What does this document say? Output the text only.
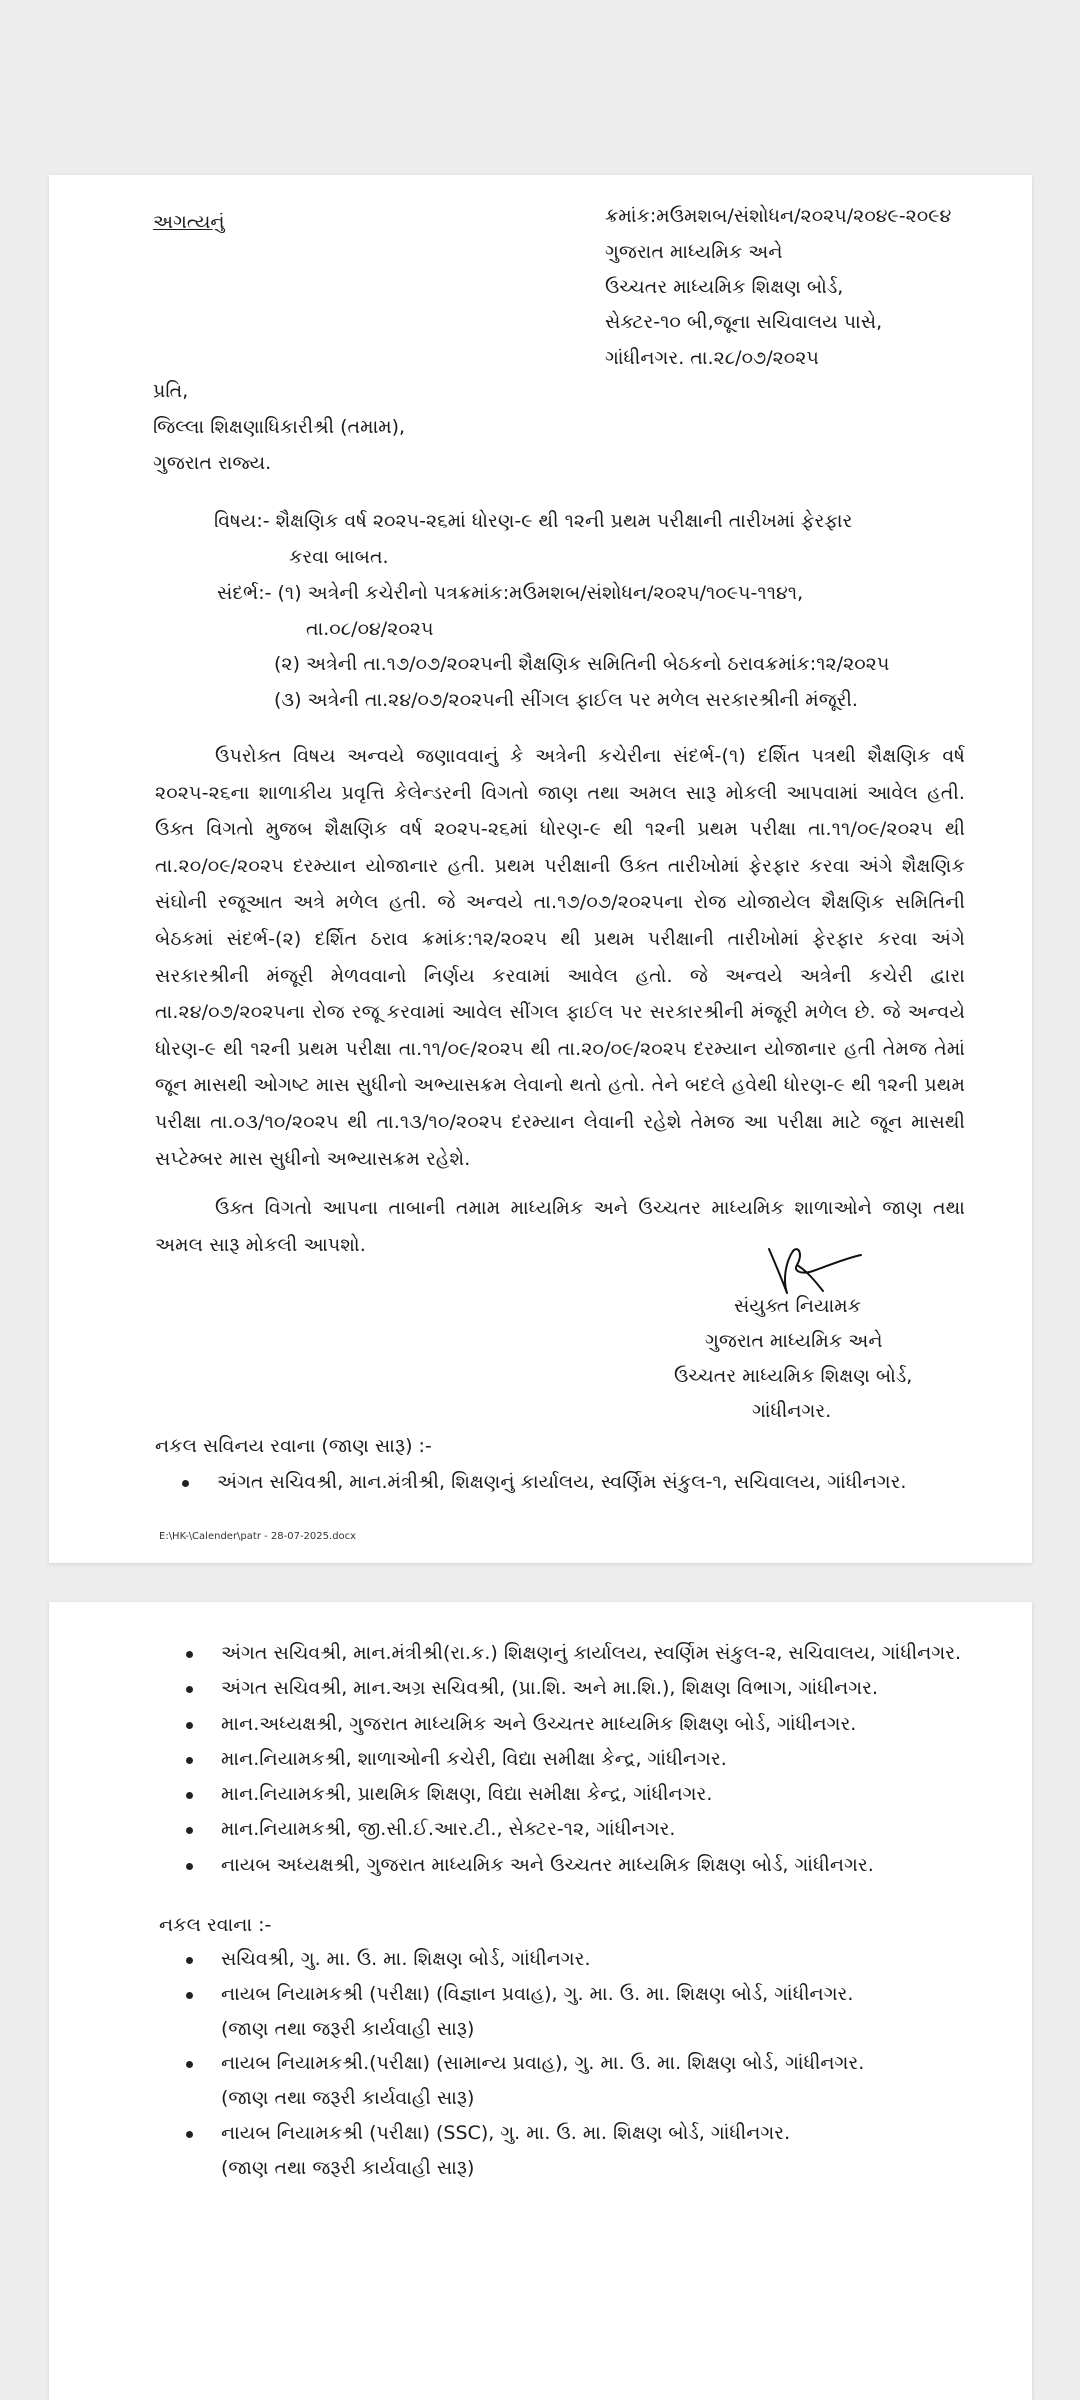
અગત્યનું	ક્રમાંક:મઉમશબ/સંશોધન/૨૦૨૫/૨૦૪૯-૨૦૯૪
ગુજરાત માધ્યમિક અને
ઉચ્ચતર માધ્યમિક શિક્ષણ બોર્ડ,
સેક્ટર-૧૦ બી,જૂના સચિવાલય પાસે,
ગાંધીનગર. તા.૨૮/૦૭/૨૦૨૫
પ્રતિ,
જિલ્લા શિક્ષણાધિકારીશ્રી (તમામ),
ગુજરાત રાજ્ય.
વિષય:- શૈક્ષણિક વર્ષ ૨૦૨૫-૨૬માં ધોરણ-૯ થી ૧૨ની પ્રથમ પરીક્ષાની તારીખમાં ફેરફાર
કરવા બાબત.
સંદર્ભ:- (૧) અત્રેની કચેરીનો પત્રક્રમાંક:મઉમશબ/સંશોધન/૨૦૨૫/૧૦૯૫-૧૧૪૧,
તા.૦૮/૦૪/૨૦૨૫
(૨) અત્રેની તા.૧૭/૦૭/૨૦૨૫ની શૈક્ષણિક સમિતિની બેઠકનો ઠરાવક્રમાંક:૧૨/૨૦૨૫
(૩) અત્રેની તા.૨૪/૦૭/૨૦૨૫ની સીંગલ ફાઈલ પર મળેલ સરકારશ્રીની મંજૂરી.
ઉપરોક્ત વિષય અન્વયે જણાવવાનું કે અત્રેની કચેરીના સંદર્ભ-(૧) દર્શિત પત્રથી શૈક્ષણિક વર્ષ ૨૦૨૫-૨૬ના શાળાકીય પ્રવૃત્તિ કેલેન્ડરની વિગતો જાણ તથા અમલ સારૂ મોકલી આપવામાં આવેલ હતી. ઉક્ત વિગતો મુજબ શૈક્ષણિક વર્ષ ૨૦૨૫-૨૬માં ધોરણ-૯ થી ૧૨ની પ્રથમ પરીક્ષા તા.૧૧/૦૯/૨૦૨૫ થી તા.૨૦/૦૯/૨૦૨૫ દરમ્યાન યોજાનાર હતી. પ્રથમ પરીક્ષાની ઉક્ત તારીખોમાં ફેરફાર કરવા અંગે શૈક્ષણિક સંઘોની રજૂઆત અત્રે મળેલ હતી. જે અન્વયે તા.૧૭/૦૭/૨૦૨૫ના રોજ યોજાયેલ શૈક્ષણિક સમિતિની બેઠકમાં સંદર્ભ-(૨) દર્શિત ઠરાવ ક્રમાંક:૧૨/૨૦૨૫ થી પ્રથમ પરીક્ષાની તારીખોમાં ફેરફાર કરવા અંગે સરકારશ્રીની મંજૂરી મેળવવાનો નિર્ણય કરવામાં આવેલ હતો. જે અન્વયે અત્રેની કચેરી દ્વારા તા.૨૪/૦૭/૨૦૨૫ના રોજ રજૂ કરવામાં આવેલ સીંગલ ફાઈલ પર સરકારશ્રીની મંજૂરી મળેલ છે. જે અન્વયે ધોરણ-૯ થી ૧૨ની પ્રથમ પરીક્ષા તા.૧૧/૦૯/૨૦૨૫ થી તા.૨૦/૦૯/૨૦૨૫ દરમ્યાન યોજાનાર હતી તેમજ તેમાં જૂન માસથી ઓગષ્ટ માસ સુધીનો અભ્યાસક્રમ લેવાનો થતો હતો. તેને બદલે હવેથી ધોરણ-૯ થી ૧૨ની પ્રથમ પરીક્ષા તા.૦૩/૧૦/૨૦૨૫ થી તા.૧૩/૧૦/૨૦૨૫ દરમ્યાન લેવાની રહેશે તેમજ આ પરીક્ષા માટે જૂન માસથી સપ્ટેમ્બર માસ સુધીનો અભ્યાસક્રમ રહેશે.
ઉક્ત વિગતો આપના તાબાની તમામ માધ્યમિક અને ઉચ્ચતર માધ્યમિક શાળાઓને જાણ તથા અમલ સારૂ મોકલી આપશો.
સંયુક્ત નિયામક
ગુજરાત માધ્યમિક અને
ઉચ્ચતર માધ્યમિક શિક્ષણ બોર્ડ,
ગાંધીનગર.
નકલ સવિનય રવાના (જાણ સારૂ) :-
અંગત સચિવશ્રી, માન.મંત્રીશ્રી, શિક્ષણનું કાર્યાલય, સ્વર્ણિમ સંકુલ-૧, સચિવાલય, ગાંધીનગર.
E:\HK-\Calender\patr - 28-07-2025.docx
અંગત સચિવશ્રી, માન.મંત્રીશ્રી(રા.ક.) શિક્ષણનું કાર્યાલય, સ્વર્ણિમ સંકુલ-૨, સચિવાલય, ગાંધીનગર.
અંગત સચિવશ્રી, માન.અગ્ર સચિવશ્રી, (પ્રા.શિ. અને મા.શિ.), શિક્ષણ વિભાગ, ગાંધીનગર.
માન.અધ્યક્ષશ્રી, ગુજરાત માધ્યમિક અને ઉચ્ચતર માધ્યમિક શિક્ષણ બોર્ડ, ગાંધીનગર.
માન.નિયામકશ્રી, શાળાઓની કચેરી, વિદ્યા સમીક્ષા કેન્દ્ર, ગાંધીનગર.
માન.નિયામકશ્રી, પ્રાથમિક શિક્ષણ, વિદ્યા સમીક્ષા કેન્દ્ર, ગાંધીનગર.
માન.નિયામકશ્રી, જી.સી.ઈ.આર.ટી., સેક્ટર-૧૨, ગાંધીનગર.
નાયબ અધ્યક્ષશ્રી, ગુજરાત માધ્યમિક અને ઉચ્ચતર માધ્યમિક શિક્ષણ બોર્ડ, ગાંધીનગર.
નકલ રવાના :-
સચિવશ્રી, ગુ. મા. ઉ. મા. શિક્ષણ બોર્ડ, ગાંધીનગર.
નાયબ નિયામકશ્રી (પરીક્ષા) (વિજ્ઞાન પ્રવાહ), ગુ. મા. ઉ. મા. શિક્ષણ બોર્ડ, ગાંધીનગર.
(જાણ તથા જરૂરી કાર્યવાહી સારૂ)
નાયબ નિયામકશ્રી.(પરીક્ષા) (સામાન્ય પ્રવાહ), ગુ. મા. ઉ. મા. શિક્ષણ બોર્ડ, ગાંધીનગર.
(જાણ તથા જરૂરી કાર્યવાહી સારૂ)
નાયબ નિયામકશ્રી (પરીક્ષા) (SSC), ગુ. મા. ઉ. મા. શિક્ષણ બોર્ડ, ગાંધીનગર.
(જાણ તથા જરૂરી કાર્યવાહી સારૂ)
